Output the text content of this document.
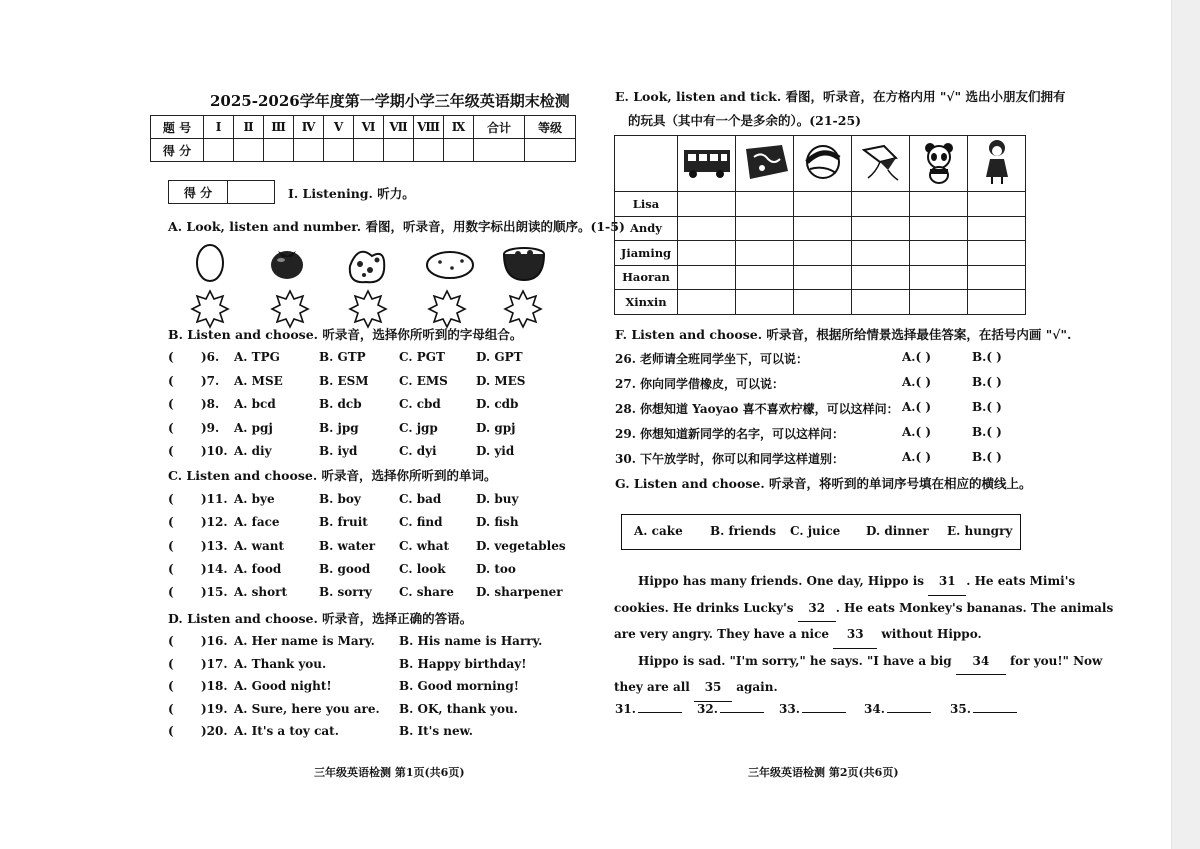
2025-2026学年度第一学期小学三年级英语期末检测
题 号	Ⅰ	Ⅱ	Ⅲ	Ⅳ	Ⅴ	Ⅵ	Ⅶ	Ⅷ	Ⅸ	合计	等级
得 分											
得 分		Ⅰ. Listening. 听力。
A. Look, listen and number. 看图，听录音，用数字标出朗读的顺序。(1-5)
B. Listen and choose. 听录音，选择你所听到的字母组合。
( )6. A. TPG	B. GTP	C. PGT	D. GPT
( )7. A. MSE	B. ESM	C. EMS D. MES
( )8. A. bcd	B. dcb	C. cbd	D. cdb
( )9. A. pgj	B. jpg	C. jgp	D. gpj
( )10. A. diy	B. iyd	C. dyi	D. yid
C. Listen and choose. 听录音，选择你所听到的单词。
( )11. A. bye	B. boy	C. bad	D. buy
( )12. A. face	B. fruit	C. find	D. fish
( )13. A. want	B. water C. what D. vegetables
( )14. A. food	B. good C. look	D. too
( )15. A. short	B. sorry C. share D. sharpener
D. Listen and choose. 听录音，选择正确的答语。
( )16. A. Her name is Mary. B. His name is Harry.
( )17. A. Thank you.	B. Happy birthday!
( )18. A. Good night!	B. Good morning!
( )19. A. Sure, here you are. B. OK, thank you.
( )20. A. It's a toy cat.	B. It's new.
三年级英语检测 第1页(共6页)
E. Look, listen and tick. 看图，听录音，在方格内用 "√" 选出小朋友们拥有
的玩具（其中有一个是多余的）。(21-25)

Lisa						
Andy						
Jiaming						
Haoran						
Xinxin						
F. Listen and choose. 听录音，根据所给情景选择最佳答案，在括号内画 "√".
26. 老师请全班同学坐下，可以说：	A.( )	B.( )
27. 你向同学借橡皮，可以说：	A.( )	B.( )
28. 你想知道 Yaoyao 喜不喜欢柠檬，可以这样问： A.( )	B.( )
29. 你想知道新同学的名字，可以这样问：	A.( )	B.( )
30. 下午放学时，你可以和同学这样道别：	A.( )	B.( )
G. Listen and choose. 听录音，将听到的单词序号填在相应的横线上。
A. cake B. friends C. juice D. dinner E. hungry
Hippo has many friends. One day, Hippo is 31 . He eats Mimi's
cookies. He drinks Lucky's 32 . He eats Monkey's bananas. The animals
are very angry. They have a nice 33 without Hippo.
Hippo is sad. "I'm sorry," he says. "I have a big 34 for you!" Now
they are all 35 again.
31.	32.	33.	34.	35.
三年级英语检测 第2页(共6页)
